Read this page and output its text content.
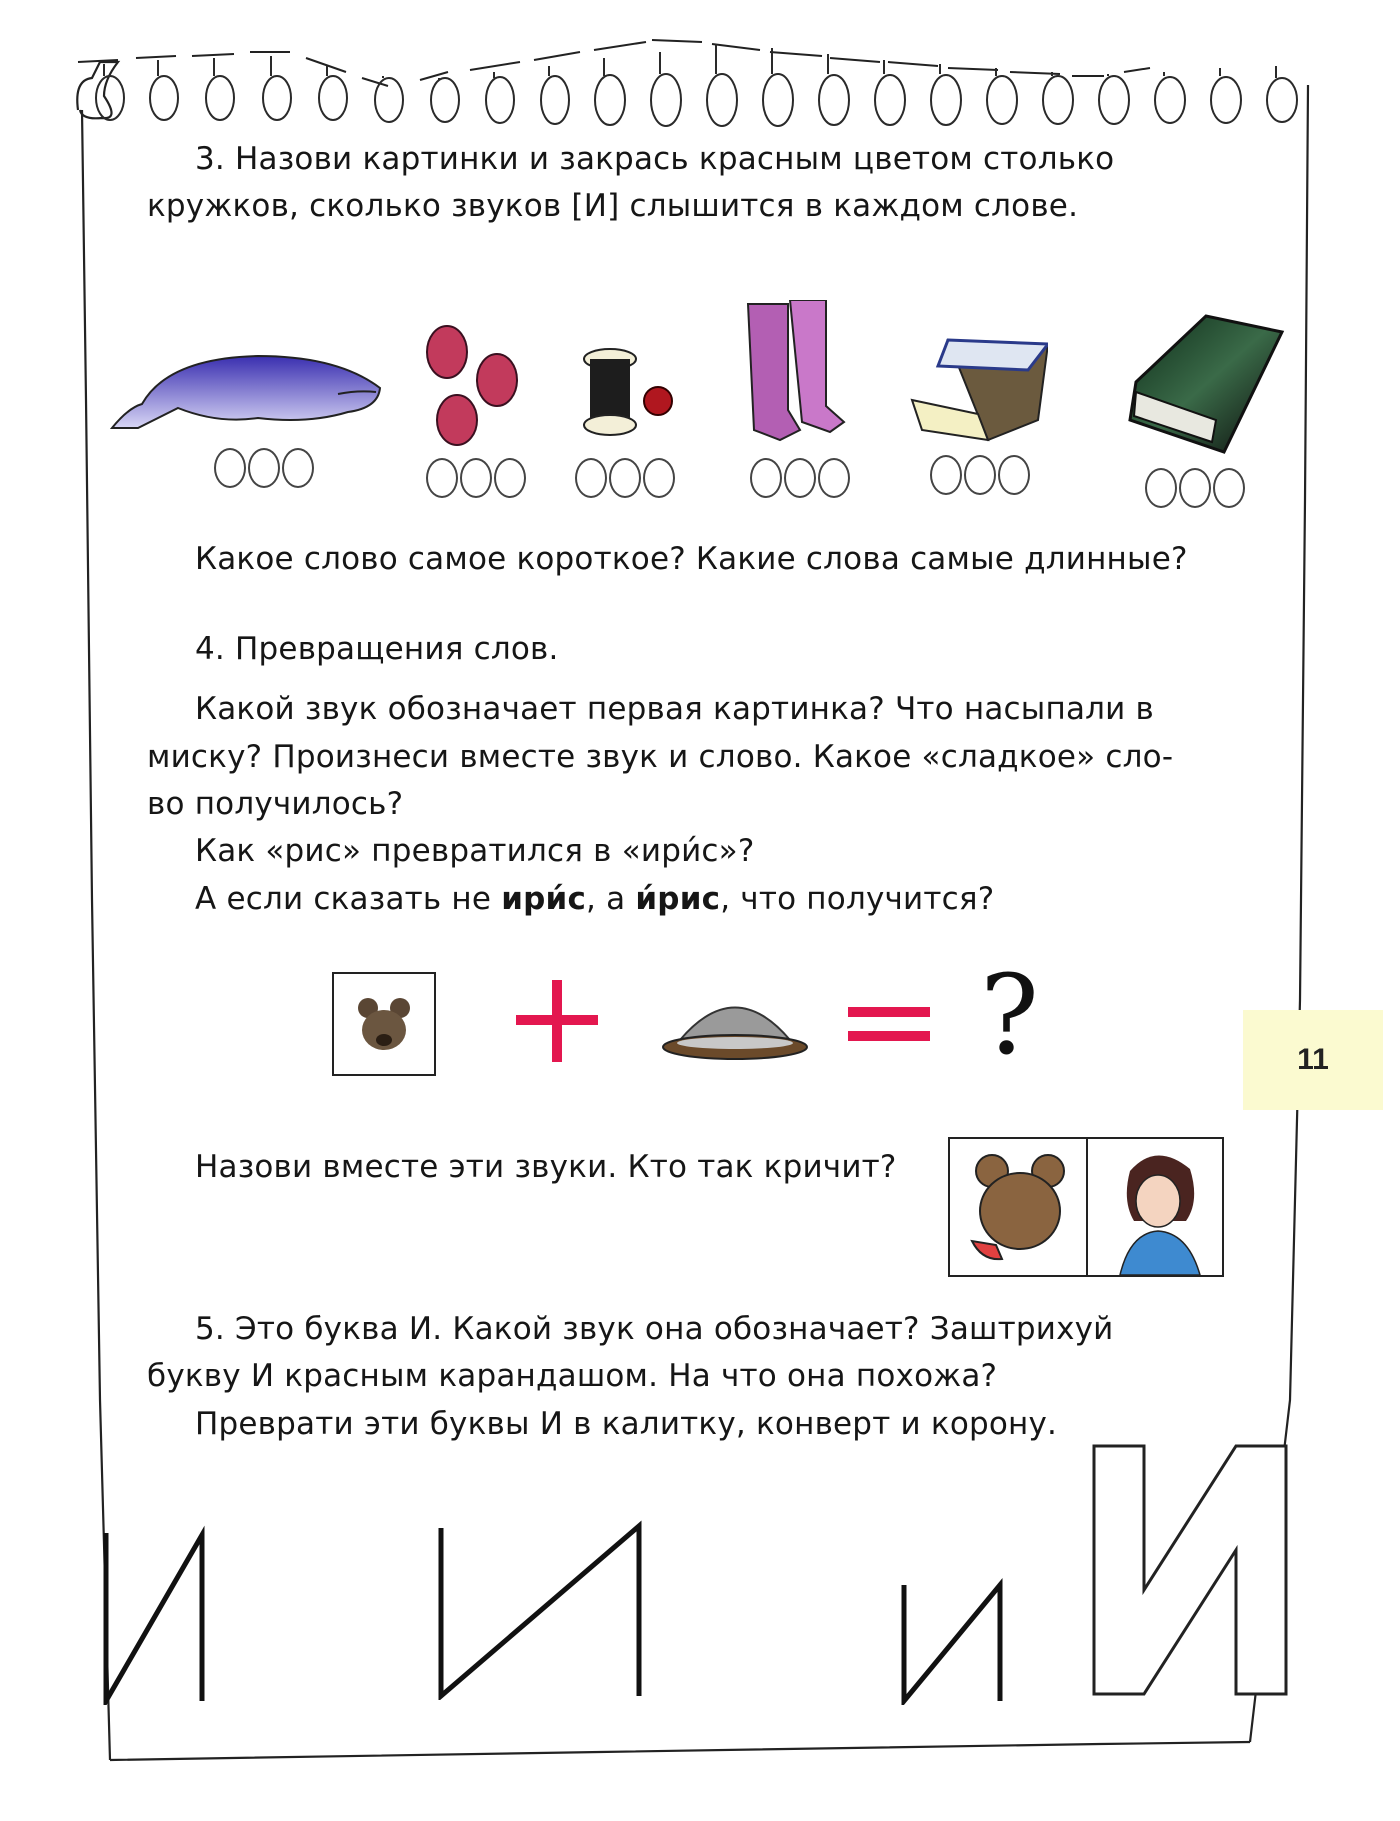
3. Назови картинки и закрась красным цветом столько
кружков, сколько звуков [И] слышится в каждом слове.
Какое слово самое короткое? Какие слова самые длинные?
4. Превращения слов.
Какой звук обозначает первая картинка? Что насыпали в
миску? Произнеси вместе звук и слово. Какое «сладкое» сло-
во получилось?
Как «рис» превратился в «ири́с»?
А если сказать не ири́с, а и́рис, что получится?
?	11
Назови вместе эти звуки. Кто так кричит?
5. Это буква И. Какой звук она обозначает? Заштрихуй
букву И красным карандашом. На что она похожа?
Преврати эти буквы И в калитку, конверт и корону.
